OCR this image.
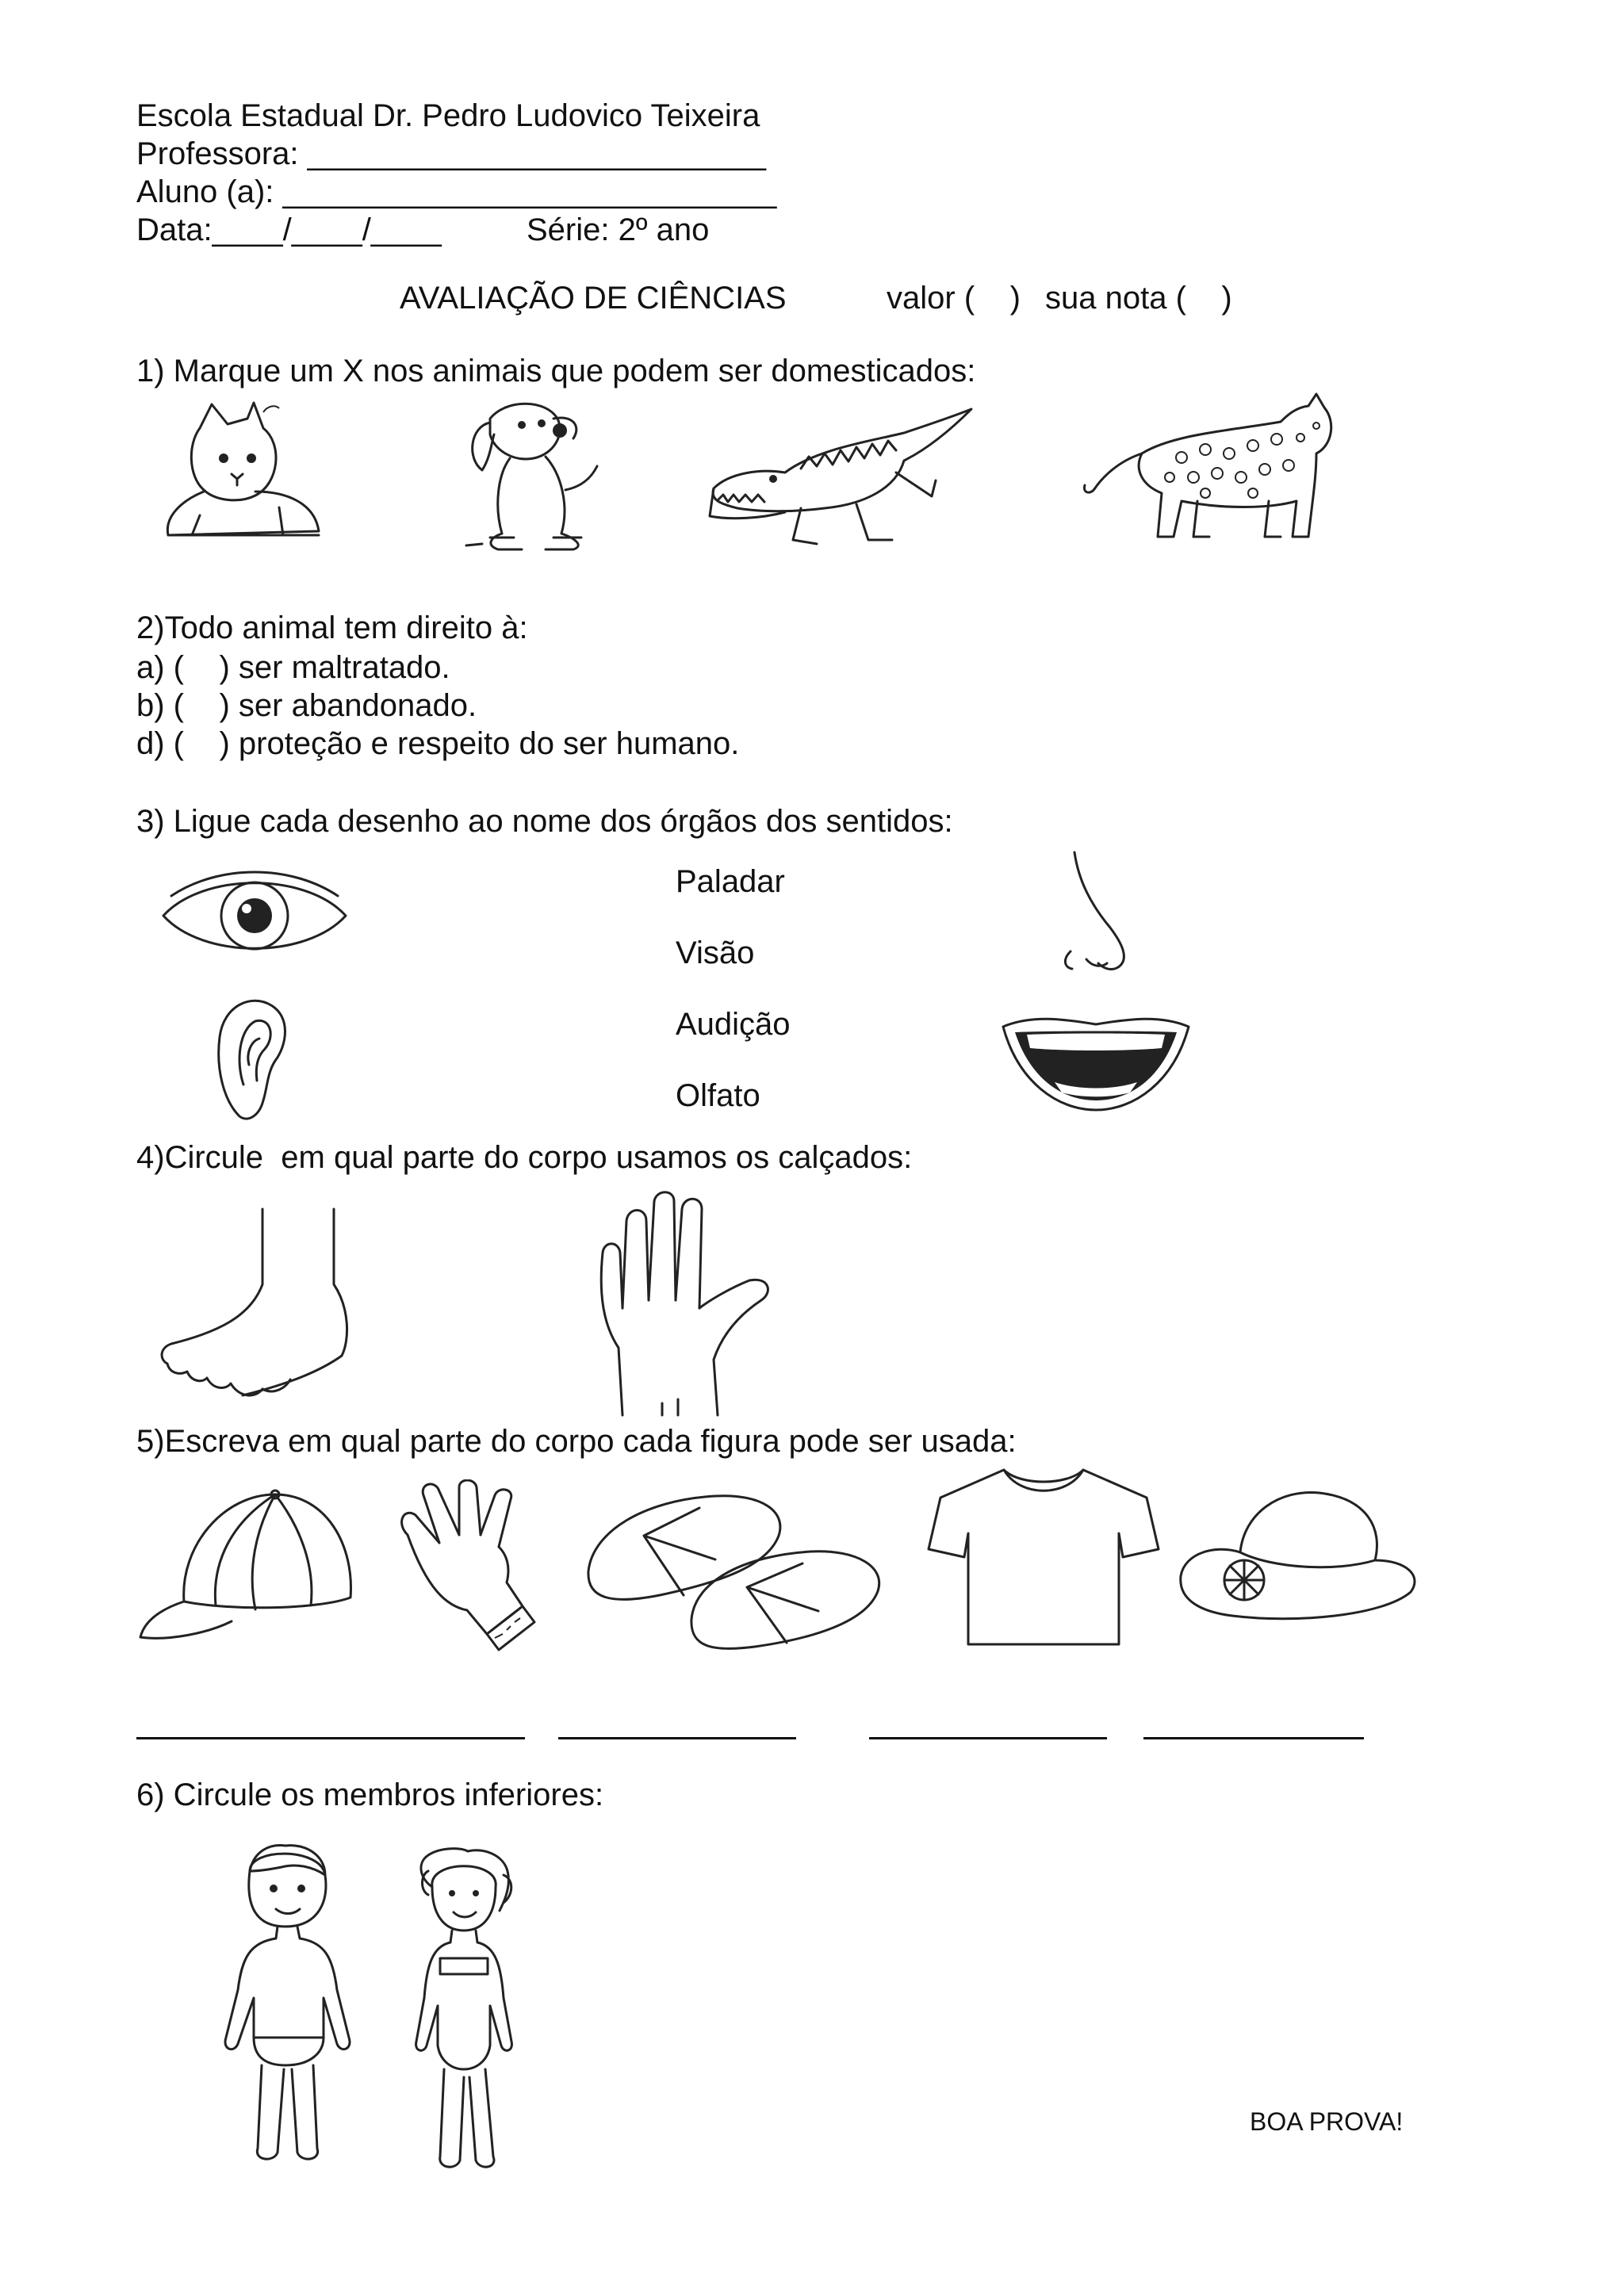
Escola Estadual Dr. Pedro Ludovico Teixeira

Professora: __________________________

Aluno (a): ____________________________

Data:____/____/____	Série: 2º ano

AVALIAÇÃO DE CIÊNCIAS	valor (    ) sua nota (    )

1) Marque um X nos animais que podem ser domesticados:

2)Todo animal tem direito à:

a) (    ) ser maltratado.

b) (    ) ser abandonado.

d) (    ) proteção e respeito do ser humano.

3) Ligue cada desenho ao nome dos órgãos dos sentidos:

Paladar

Visão

Audição

Olfato

4)Circule  em qual parte do corpo usamos os calçados:

5)Escreva em qual parte do corpo cada figura pode ser usada:

6) Circule os membros inferiores:

BOA PROVA!
